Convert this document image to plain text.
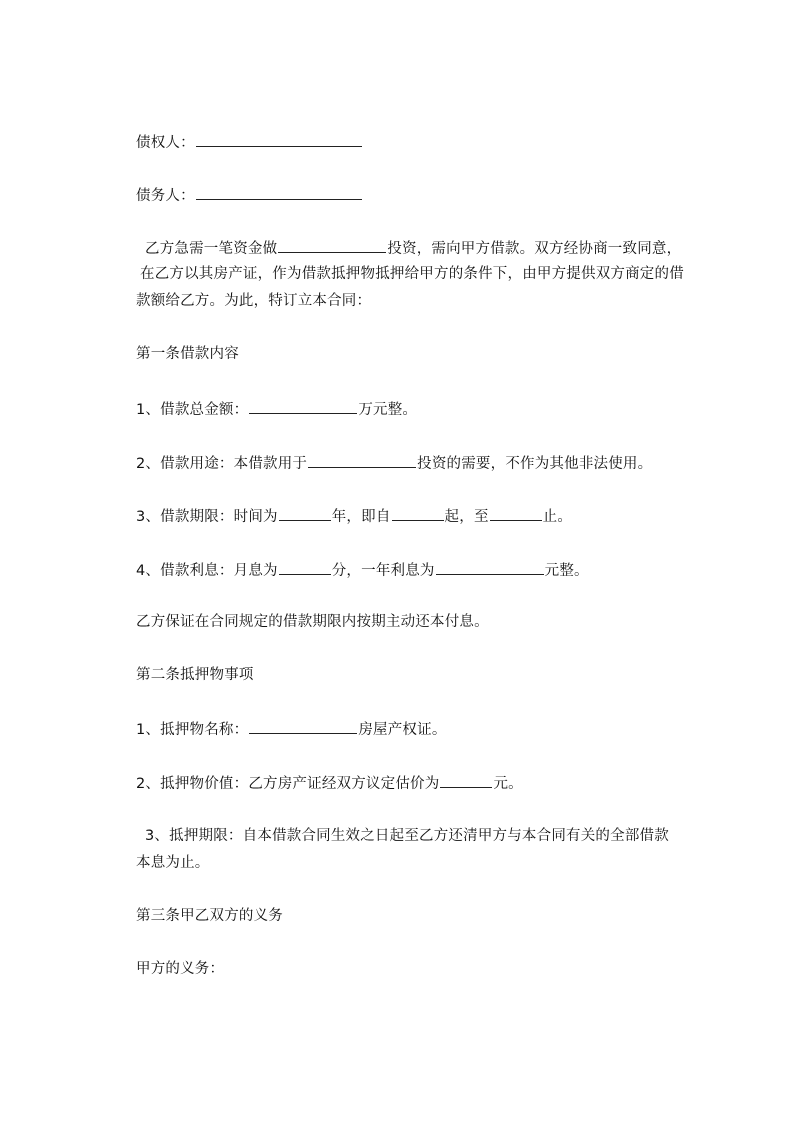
债权人：
债务人：
乙方急需一笔资金做	投资，需向甲方借款。双方经协商一致同意，
在乙方以其房产证，作为借款抵押物抵押给甲方的条件下，由甲方提供双方商定的借
款额给乙方。为此，特订立本合同：
第一条借款内容
1、借款总金额：	万元整。
2、借款用途：本借款用于	投资的需要，不作为其他非法使用。
3、借款期限：时间为	年，即自	起，至	止。
4、借款利息：月息为	分，一年利息为	元整。
乙方保证在合同规定的借款期限内按期主动还本付息。
第二条抵押物事项
1、抵押物名称：	房屋产权证。
2、抵押物价值：乙方房产证经双方议定估价为	元。
3、抵押期限：自本借款合同生效之日起至乙方还清甲方与本合同有关的全部借款
本息为止。
第三条甲乙双方的义务
甲方的义务：
